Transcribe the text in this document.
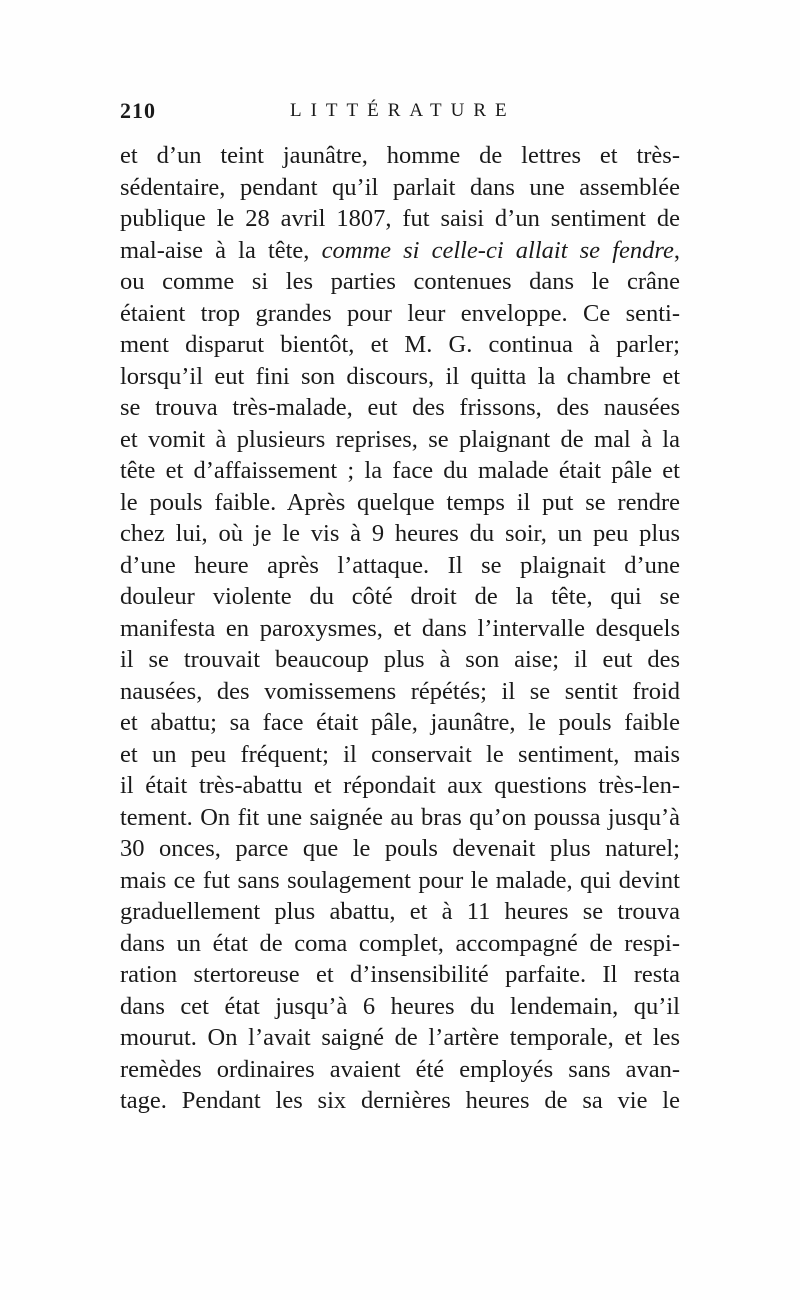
210	LITTÉRATURE
et d’un teint jaunâtre, homme de lettres et très-
sédentaire, pendant qu’il parlait dans une assemblée
publique le 28 avril 1807, fut saisi d’un sentiment de
mal-aise à la tête, comme si celle-ci allait se fendre,
ou comme si les parties contenues dans le crâne
étaient trop grandes pour leur enveloppe. Ce senti-
ment disparut bientôt, et M. G. continua à parler;
lorsqu’il eut fini son discours, il quitta la chambre et
se trouva très-malade, eut des frissons, des nausées
et vomit à plusieurs reprises, se plaignant de mal à la
tête et d’affaissement ; la face du malade était pâle et
le pouls faible. Après quelque temps il put se rendre
chez lui, où je le vis à 9 heures du soir, un peu plus
d’une heure après l’attaque. Il se plaignait d’une
douleur violente du côté droit de la tête, qui se
manifesta en paroxysmes, et dans l’intervalle desquels
il se trouvait beaucoup plus à son aise; il eut des
nausées, des vomissemens répétés; il se sentit froid
et abattu; sa face était pâle, jaunâtre, le pouls faible
et un peu fréquent; il conservait le sentiment, mais
il était très-abattu et répondait aux questions très-len-
tement. On fit une saignée au bras qu’on poussa jusqu’à
30 onces, parce que le pouls devenait plus naturel;
mais ce fut sans soulagement pour le malade, qui devint
graduellement plus abattu, et à 11 heures se trouva
dans un état de coma complet, accompagné de respi-
ration stertoreuse et d’insensibilité parfaite. Il resta
dans cet état jusqu’à 6 heures du lendemain, qu’il
mourut. On l’avait saigné de l’artère temporale, et les
remèdes ordinaires avaient été employés sans avan-
tage. Pendant les six dernières heures de sa vie le
